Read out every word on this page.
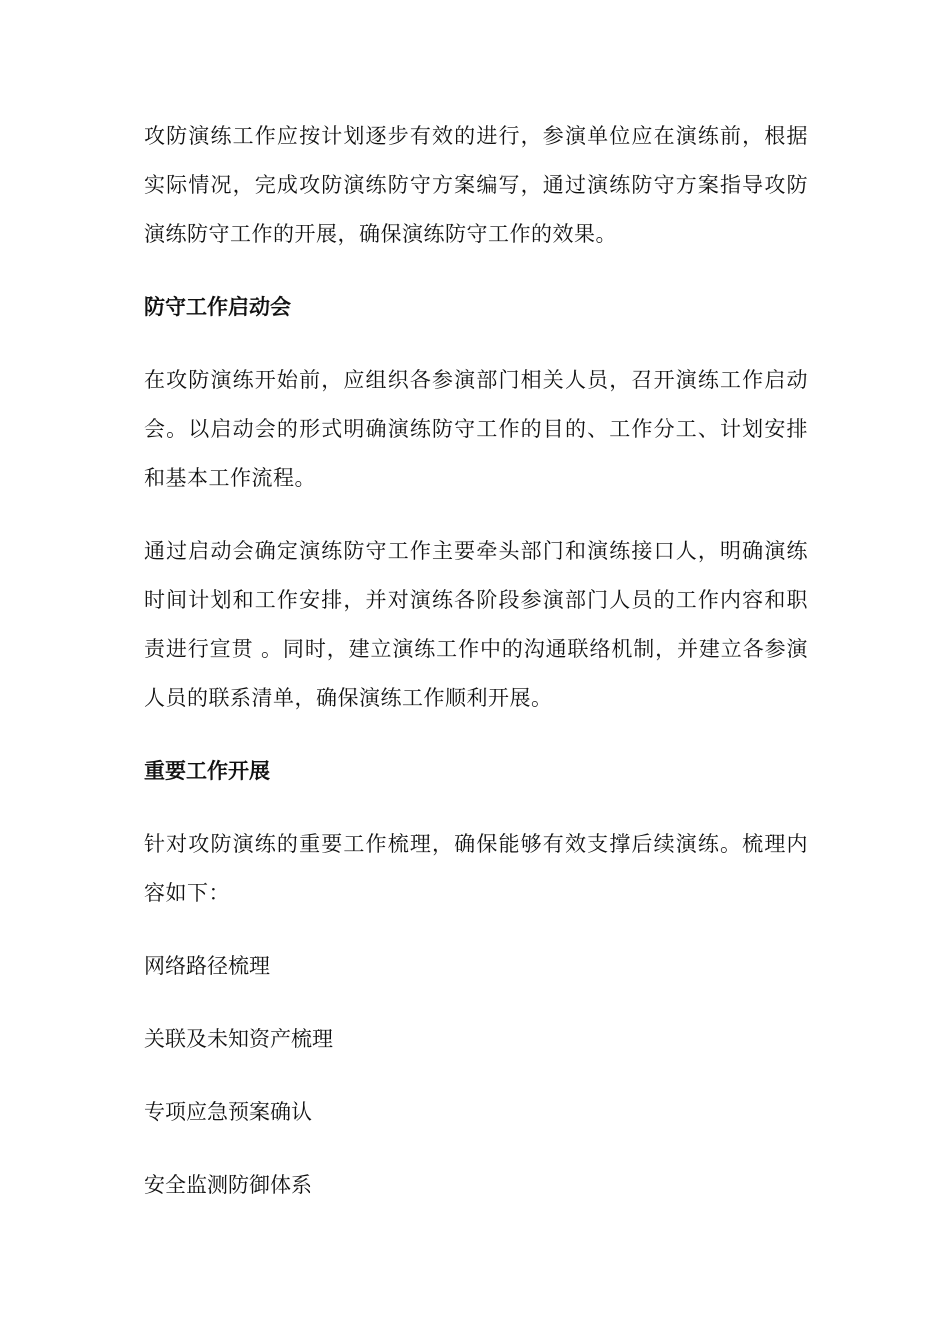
攻防演练工作应按计划逐步有效的进行，参演单位应在演练前，根据实际情况，完成攻防演练防守方案编写，通过演练防守方案指导攻防演练防守工作的开展，确保演练防守工作的效果。

防守工作启动会

在攻防演练开始前，应组织各参演部门相关人员，召开演练工作启动会。以启动会的形式明确演练防守工作的目的、工作分工、计划安排和基本工作流程。

通过启动会确定演练防守工作主要牵头部门和演练接口人，明确演练时间计划和工作安排，并对演练各阶段参演部门人员的工作内容和职责进行宣贯 。同时，建立演练工作中的沟通联络机制，并建立各参演人员的联系清单，确保演练工作顺利开展。

重要工作开展

针对攻防演练的重要工作梳理，确保能够有效支撑后续演练。梳理内容如下：

网络路径梳理
关联及未知资产梳理
专项应急预案确认
安全监测防御体系
